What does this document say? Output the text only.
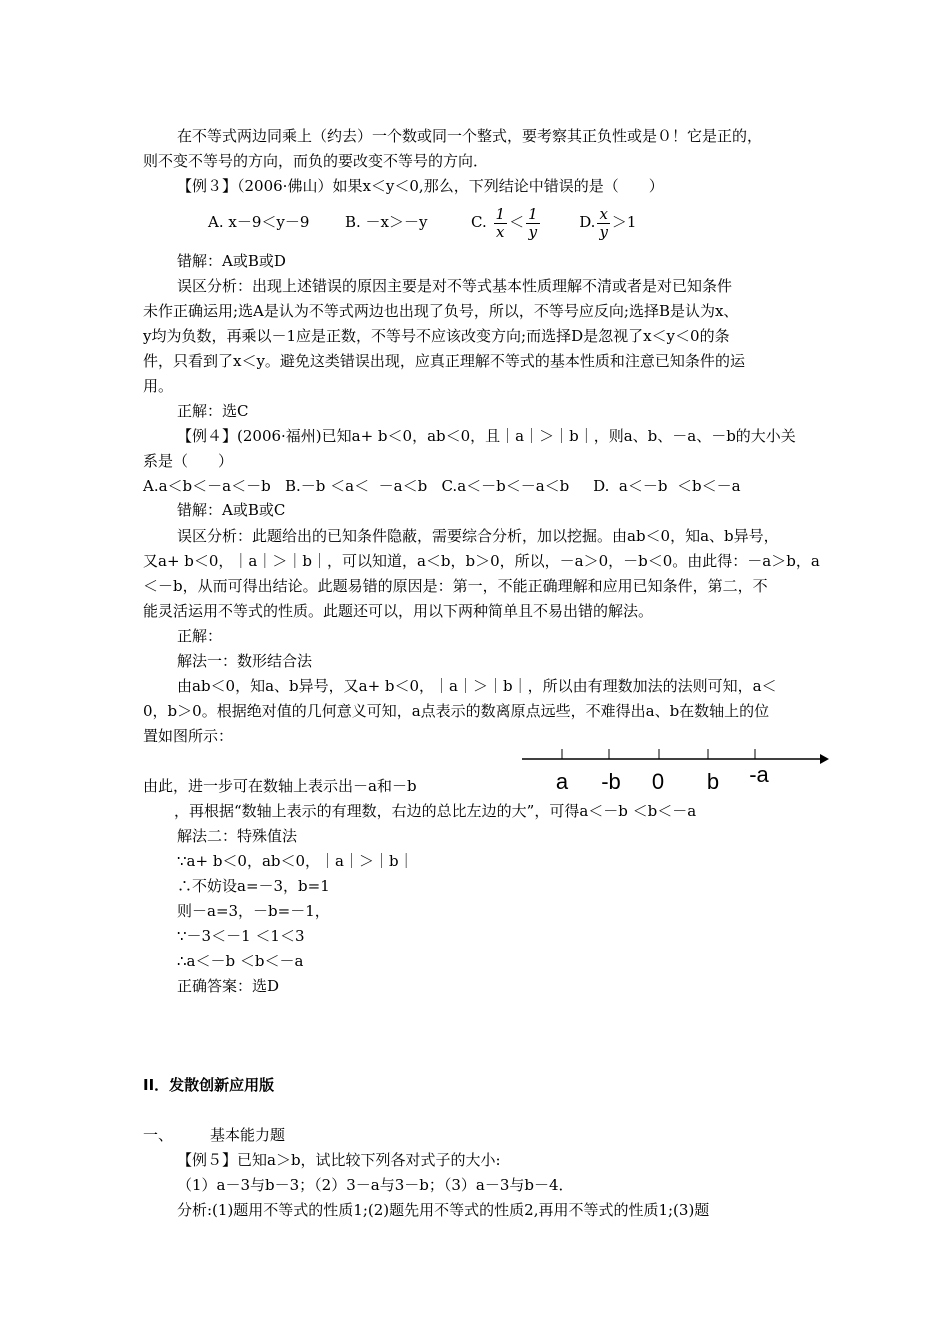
在不等式两边同乘上（约去）一个数或同一个整式，要考察其正负性或是０！它是正的，
则不变不等号的方向，而负的要改变不等号的方向．
【例３】（2006·佛山）如果x＜y＜0,那么，下列结论中错误的是（　　）
A. x－9＜y－9 B. －x＞－y	C. $\frac{1}{x} < \frac{1}{y}$	D. $\frac{x}{y} >1$
错解：A或B或D
误区分析：出现上述错误的原因主要是对不等式基本性质理解不清或者是对已知条件
未作正确运用;选A是认为不等式两边也出现了负号，所以，不等号应反向;选择B是认为x、
y均为负数，再乘以－1应是正数，不等号不应该改变方向;而选择D是忽视了x＜y＜0的条
件，只看到了x＜y。避免这类错误出现，应真正理解不等式的基本性质和注意已知条件的运
用。
正解：选C
【例４】(2006·福州)已知a+ b＜0，ab＜0，且｜a｜＞｜b｜，则a、b、－a、－b的大小关
系是（　　）
A.a＜b＜－a＜－b   B.－b ＜a＜  －a＜b   C.a＜－b＜－a＜b     D.  a＜－b  ＜b＜－a
错解：A或B或C
误区分析：此题给出的已知条件隐蔽，需要综合分析，加以挖掘。由ab＜0，知a、b异号，
又a+ b＜0，｜a｜＞｜b｜，可以知道，a＜b，b＞0，所以，－a＞0，－b＜0。由此得：－a＞b，a
＜－b，从而可得出结论。此题易错的原因是：第一，不能正确理解和应用已知条件，第二，不
能灵活运用不等式的性质。此题还可以，用以下两种简单且不易出错的解法。
正解：
解法一：数形结合法
由ab＜0，知a、b异号，又a+ b＜0，｜a｜＞｜b｜，所以由有理数加法的法则可知，a＜
0，b＞0。根据绝对值的几何意义可知，a点表示的数离原点远些，不难得出a、b在数轴上的位
置如图所示：
a -b 0 b -a
由此，进一步可在数轴上表示出－a和－b
，再根据“数轴上表示的有理数，右边的总比左边的大”，可得a＜－b ＜b＜－a
解法二：特殊值法
∵a+ b＜0，ab＜0，｜a｜＞｜b｜
∴不妨设a=－3，b=1
则－a=3，－b=－1，
∵－3＜－1 ＜1＜3
∴a＜－b ＜b＜－a
正确答案：选D
II．发散创新应用版
一、 基本能力题
【例５】已知a＞b，试比较下列各对式子的大小:
（1）a－3与b－3；（2）3－a与3－b；（3）a－3与b－4．
分析:(1)题用不等式的性质1;(2)题先用不等式的性质2,再用不等式的性质1;(3)题
